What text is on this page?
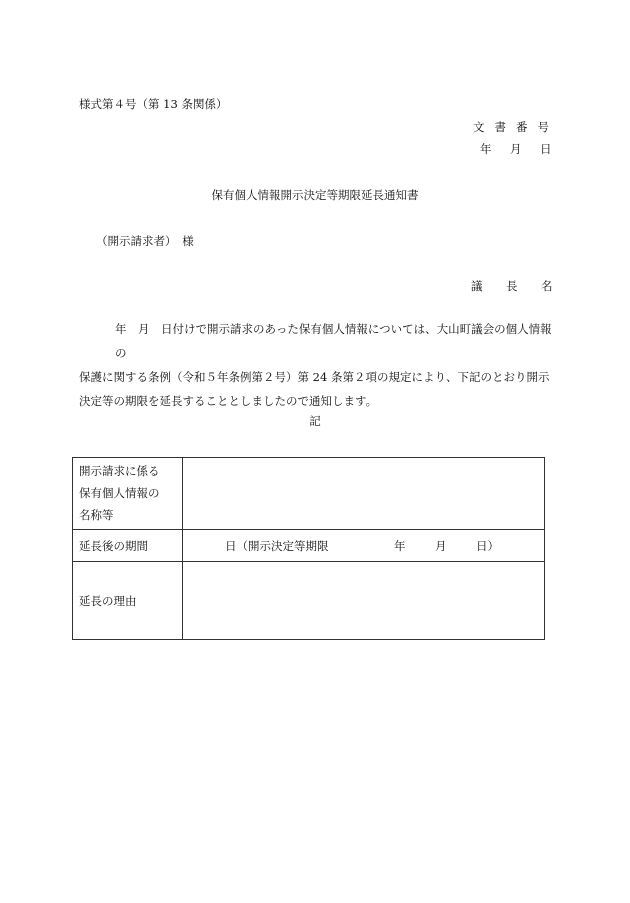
様式第４号（第 13 条関係）
文書番号
年 月 日
保有個人情報開示決定等期限延長通知書
（開示請求者）　様
議 長 名
年　月　日付けで開示請求のあった保有個人情報については、大山町議会の個人情報の
保護に関する条例（令和５年条例第２号）第 24 条第２項の規定により、下記のとおり開示
決定等の期限を延長することとしましたので通知します。
記
開示請求に係る
保有個人情報の
名称等	

延長後の期間	日（開示決定等期限 年 月 日）

延長の理由	
